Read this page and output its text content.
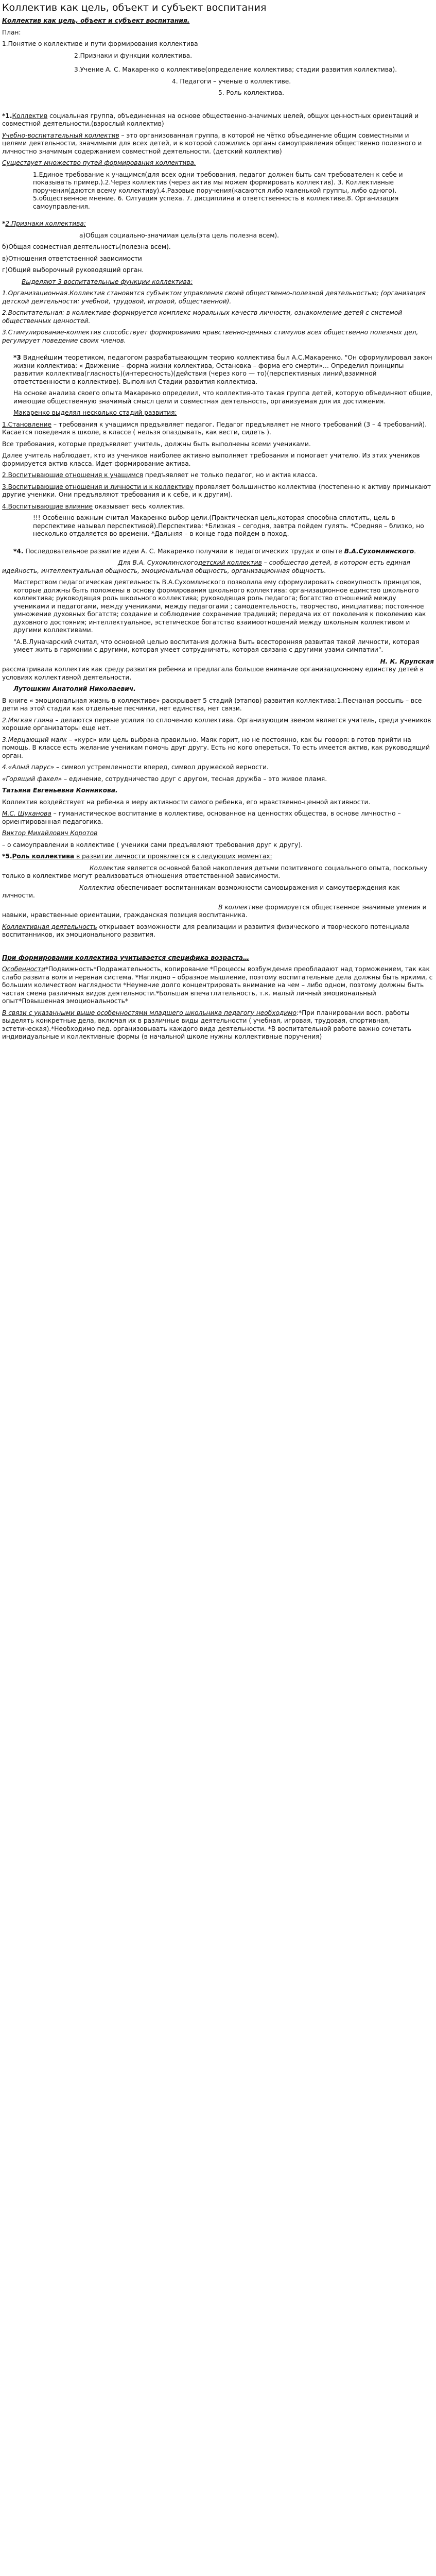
Коллектив как цель, объект и субъект воспитания

Коллектив как цель, объект и субъект воспитания.

План:

1.Понятие о коллективе и пути формирования коллектива

2.Признаки и функции коллектива.

3.Учение А. С. Макаренко о коллективе(определение коллектива; стадии развития коллектива).

4. Педагоги – ученые о коллективе.

5. Роль коллектива.

*1.Коллектив социальная группа, объединенная на основе общественно-значимых целей, общих ценностных ориентаций и совместной деятельности.(взрослый коллектив)

Учебно-воспитательный коллектив – это организованная группа, в которой не чётко объединение общим совместными и целями деятельности, значимыми для всех детей, и в которой сложились органы самоуправления общественно полезного и личностно значимым содержанием совместной деятельности. (детский коллектив)

Существует множество путей формирования коллектива.

1.Единое требование к учащимся(для всех одни требования, педагог должен быть сам требователен к себе и показывать пример.).2.Через коллектив (через актив мы можем формировать коллектив). 3. Коллективные поручения(даются всему коллективу).4.Разовые поручения(касаются либо маленькой группы, либо одного). 5.общественное мнение. 6. Ситуация успеха. 7. дисциплина и ответственность в коллективе.8. Организация самоуправления.

*2.Признаки коллектива:

а)Общая социально-значимая цель(эта цель полезна всем).

б)Общая совместная деятельность(полезна всем).

в)Отношения ответственной зависимости

г)Общий выборочный руководящий орган.

Выделяют 3 воспитательные функции коллектива:

1.Организационная.Коллектив становится субъектом управления своей общественно-полезной деятельностью; (организация детской деятельности: учебной, трудовой, игровой, общественной).

2.Воспитательная: в коллективе формируется комплекс моральных качеств личности, ознакомление детей с системой общественных ценностей.

3.Стимулирование-коллектив способствует формированию нравственно-ценных стимулов всех общественно полезных дел, регулирует поведение своих членов.

*3 Виднейшим теоретиком, педагогом разрабатывающим теорию коллектива был А.С.Макаренко. "Он сформулировал закон жизни коллектива: « Движение – форма жизни коллектива, Остановка – форма его смерти»… Определил принципы развития коллектива(гласность)(интересность)(действия (через кого — то)(перспективных линий,взаимной ответственности в коллективе). Выполнил Стадии развития коллектива.

На основе анализа своего опыта Макаренко определил, что коллектив-это такая группа детей, которую объединяют общие, имеющие общественную значимый смысл цели и совместная деятельность, организуемая для их достижения.

Макаренко выделял несколько стадий развития:

1.Становление – требования к учащимся предъявляет педагог. Педагог предъявляет не много требований (3 – 4 требований). Касается поведения в школе, в классе ( нельзя опаздывать, как вести, сидеть ).

Все требования, которые предъявляет учитель, должны быть выполнены всеми учениками.

Далее учитель наблюдает, кто из учеников наиболее активно выполняет требования и помогает учителю. Из этих учеников формируется актив класса. Идет формирование актива.

2.Воспитывающие отношения к учащимся предъявляет не только педагог, но и актив класса.

3.Воспитывающие отношения и личности и к коллективу проявляет большинство коллектива (постепенно к активу примыкают другие ученики. Они предъявляют требования и к себе, и к другим).

4.Воспитывающие влияние оказывает весь коллектив.

!!! Особенно важным считал Макаренко выбор цели.(Практическая цель,которая способна сплотить, цель в перспективе называл перспективой).Перспектива: *Близкая – сегодня, завтра пойдем гулять. *Средняя – близко, но несколько отдаляется во времени. *Дальняя – в конце года пойдем в поход.

*4. Последовательное развитие идеи А. С. Макаренко получили в педагогических трудах и опыте В.А.Сухомлинского.

Для В.А. Сухомлинскогодетский коллектив – сообщество детей, в котором есть единая идейность, интеллектуальная общность, эмоциональная общность, организационная общность.

Мастерством педагогическая деятельность В.А.Сухомлинского позволила ему сформулировать совокупность принципов, которые должны быть положены в основу формирования школьного коллектива: организационное единство школьного коллектива; руководящая роль школьного коллектива; руководящая роль педагога; богатство отношений между учениками и педагогами, между учениками, между педагогами ; самодеятельность, творчество, инициатива; постоянное умножение духовных богатств; создание и соблюдение сохранение традиций; передача их от поколения к поколению как духовного достояния; интеллектуальное, эстетическое богатство взаимоотношений между школьным коллективом и другими коллективами.

"А.В.Луначарский считал, что основной целью воспитания должна быть всесторонняя развитая такой личности, которая умеет жить в гармонии с другими, которая умеет сотрудничать, которая связана с другими узами симпатии".

Н. К. Крупская
рассматривала коллектив как среду развития ребенка и предлагала большое внимание организационному единству детей в условиях коллективной деятельности.

Лутошкин Анатолий Николаевич.

В книге « эмоциональная жизнь в коллективе» раскрывает 5 стадий (этапов) развития коллектива:1.Песчаная россыпь – все дети на этой стадии как отдельные песчинки, нет единства, нет связи.

2.Мягкая глина – делаются первые усилия по сплочению коллектива. Организующим звеном является учитель, среди учеников хорошие организаторы еще нет.

3.Мерцающий маяк – «курс» или цель выбрана правильно. Маяк горит, но не постоянно, как бы говоря: в готов прийти на помощь. В классе есть желание ученикам помочь друг другу. Есть но кого опереться. То есть имеется актив, как руководящий орган.

4.«Алый парус» – символ устремленности вперед, символ дружеской верности.

«Горящий факел» – единение, сотрудничество друг с другом, тесная дружба – это живое пламя.

Татьяна Евгеньевна Конникова.

Коллектив воздействует на ребенка в меру активности самого ребенка, его нравственно-ценной активности.

М.С. Шуканова – гуманистическое воспитание в коллективе, основанное на ценностях общества, в основе личностно – ориентированная педагогика.

Виктор Михайлович Коротов

– о самоуправлении в коллективе ( ученики сами предъявляют требования друг к другу).

*5.Роль коллектива в развитии личности проявляется в следующих моментах:

Коллектив является основной базой накопления детьми позитивного социального опыта, поскольку только в коллективе могут реализоваться отношения ответственной зависимости.

Коллектив обеспечивает воспитанникам возможности самовыражения и самоутверждения как личности.

В коллективе формируется общественное значимые умения и навыки, нравственные ориентации, гражданская позиция воспитанника.

Коллективная деятельность открывает возможности для реализации и развития физического и творческого потенциала воспитанников, их эмоционального развития.

При формировании коллектива учитывается специфика возраста…

Особенности*Подвижность*Подражательность, копирование *Процессы возбуждения преобладают над торможением, так как слабо развита воля и нервная система. *Наглядно – образное мышление, поэтому воспитательные дела должны быть яркими, с большим количеством наглядности *Неумение долго концентрировать внимание на чем – либо одном, поэтому должны быть частая смена различных видов деятельности.*Большая впечатлительность, т.к. малый личный эмоциональный опыт*Повышенная эмоциональность*

В связи с указанными выше особенностями младшего школьника педагогу необходимо:*При планировании восп. работы выделять конкретные дела, включая их в различные виды деятельности ( учебная, игровая, трудовая, спортивная, эстетическая).*Необходимо пед. организовывать каждого вида деятельности. *В воспитательной работе важно сочетать индивидуальные и коллективные формы (в начальной школе нужны коллективные поручения)
